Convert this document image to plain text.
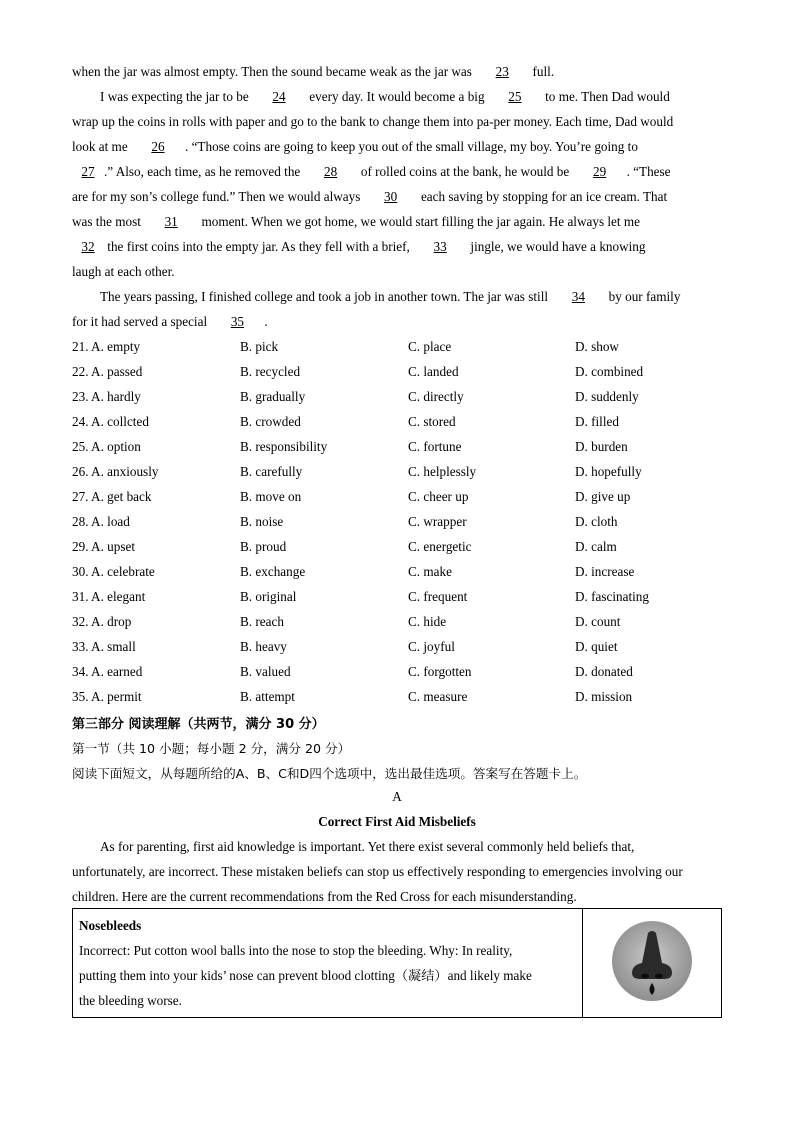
when the jar was almost empty. Then the sound became weak as the jar was 23 full.

I was expecting the jar to be 24 every day. It would become a big 25 to me. Then Dad would

wrap up the coins in rolls with paper and go to the bank to change them into pa-per money. Each time, Dad would

look at me 26 . “Those coins are going to keep you out of the small village, my boy. You’re going to

27 .” Also, each time, as he removed the 28 of rolled coins at the bank, he would be 29 . “These

are for my son’s college fund.” Then we would always 30 each saving by stopping for an ice cream. That

was the most 31 moment. When we got home, we would start filling the jar again. He always let me

32 the first coins into the empty jar. As they fell with a brief, 33 jingle, we would have a knowing

laugh at each other.

The years passing, I finished college and took a job in another town. The jar was still 34 by our family

for it had served a special 35 .

21. A. empty	B. pick	C. place	D. show
22. A. passed	B. recycled	C. landed	D. combined
23. A. hardly	B. gradually	C. directly	D. suddenly
24. A. collcted	B. crowded	C. stored	D. filled
25. A. option	B. responsibility	C. fortune	D. burden
26. A. anxiously	B. carefully	C. helplessly	D. hopefully
27. A. get back	B. move on	C. cheer up	D. give up
28. A. load	B. noise	C. wrapper	D. cloth
29. A. upset	B. proud	C. energetic	D. calm
30. A. celebrate	B. exchange	C. make	D. increase
31. A. elegant	B. original	C. frequent	D. fascinating
32. A. drop	B. reach	C. hide	D. count
33. A. small	B. heavy	C. joyful	D. quiet
34. A. earned	B. valued	C. forgotten	D. donated
35. A. permit	B. attempt	C. measure	D. mission

第三部分 阅读理解（共两节，满分 30 分）

第一节（共 10 小题；每小题 2 分，满分 20 分）

阅读下面短文，从每题所给的A、B、C和D四个选项中，选出最佳选项。答案写在答题卡上。

A

Correct First Aid Misbeliefs

As for parenting, first aid knowledge is important. Yet there exist several commonly held beliefs that,

unfortunately, are incorrect. These mistaken beliefs can stop us effectively responding to emergencies involving our

children. Here are the current recommendations from the Red Cross for each misunderstanding.

Nosebleeds
Incorrect: Put cotton wool balls into the nose to stop the bleeding. Why: In reality,
putting them into your kids’ nose can prevent blood clotting（凝结）and likely make
the bleeding worse.
